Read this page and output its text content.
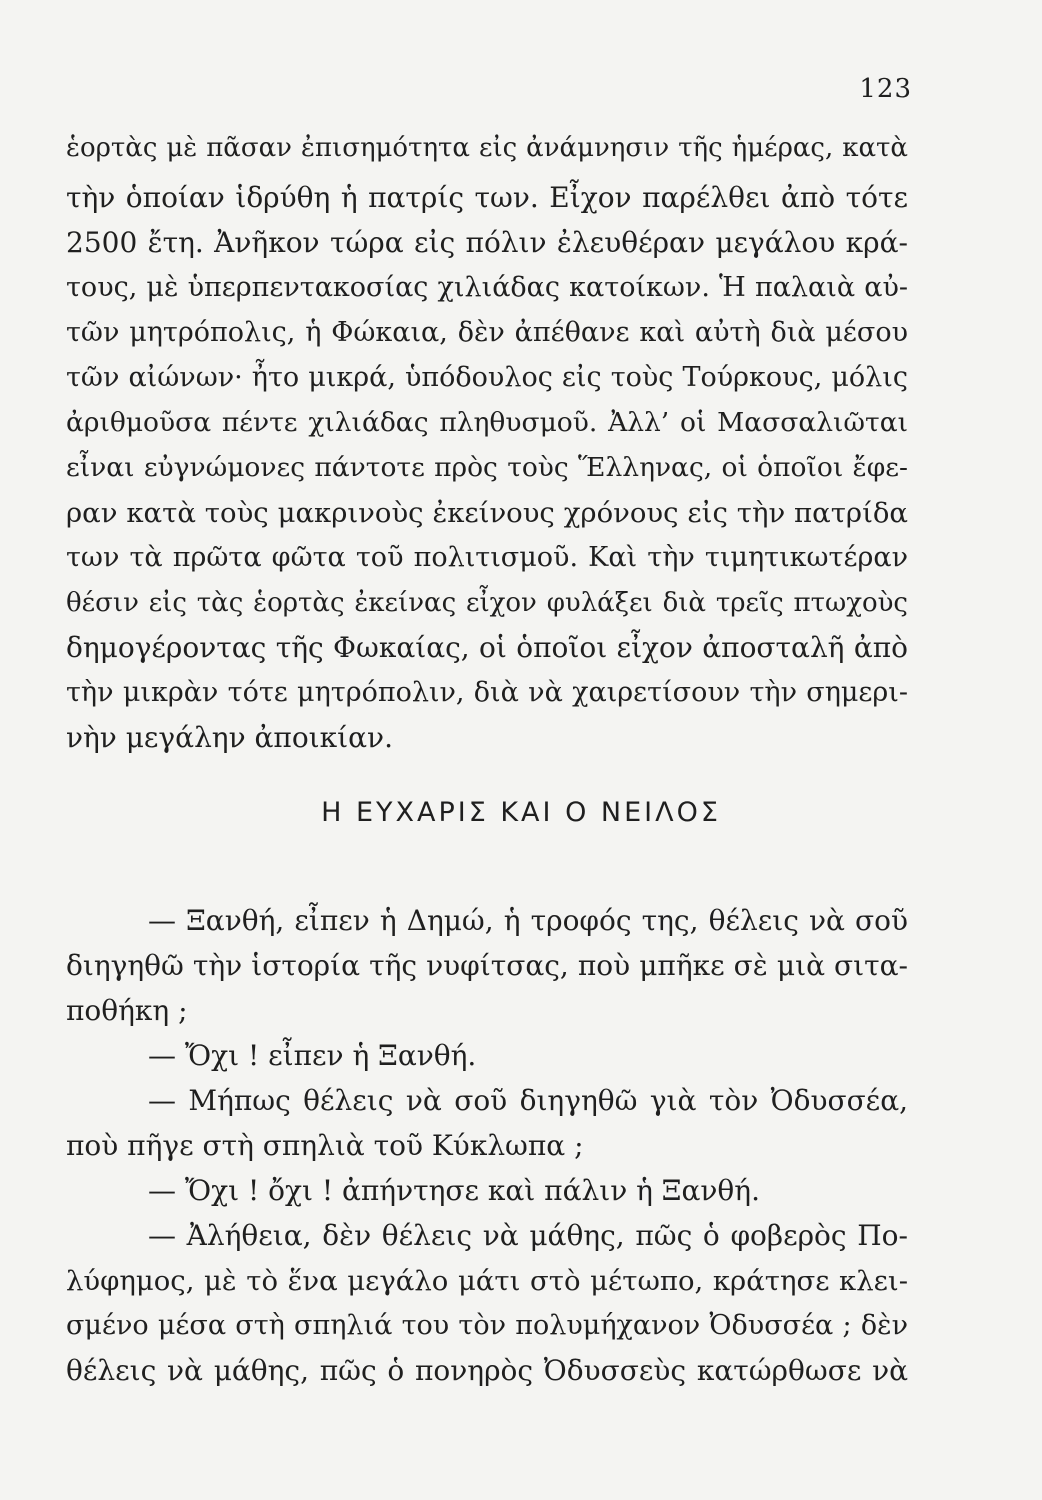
123
ἑορτὰς μὲ πᾶσαν ἐπισημότητα εἰς ἀνάμνησιν τῆς ἡμέρας, κατὰ
τὴν ὁποίαν ἱδρύθη ἡ πατρίς των. Εἶχον παρέλθει ἀπὸ τότε
2500 ἔτη. Ἀνῆκον τώρα εἰς πόλιν ἐλευθέραν μεγάλου κρά-
τους, μὲ ὑπερπεντακοσίας χιλιάδας κατοίκων. Ἡ παλαιὰ αὐ-
τῶν μητρόπολις, ἡ Φώκαια, δὲν ἀπέθανε καὶ αὐτὴ διὰ μέσου
τῶν αἰώνων· ἦτο μικρά, ὑπόδουλος εἰς τοὺς Τούρκους, μόλις
ἀριθμοῦσα πέντε χιλιάδας πληθυσμοῦ. Ἀλλ’ οἱ Μασσαλιῶται
εἶναι εὐγνώμονες πάντοτε πρὸς τοὺς Ἕλληνας, οἱ ὁποῖοι ἔφε-
ραν κατὰ τοὺς μακρινοὺς ἐκείνους χρόνους εἰς τὴν πατρίδα
των τὰ πρῶτα φῶτα τοῦ πολιτισμοῦ. Καὶ τὴν τιμητικωτέραν
θέσιν εἰς τὰς ἑορτὰς ἐκείνας εἶχον φυλάξει διὰ τρεῖς πτωχοὺς
δημογέροντας τῆς Φωκαίας, οἱ ὁποῖοι εἶχον ἀποσταλῆ ἀπὸ
τὴν μικρὰν τότε μητρόπολιν, διὰ νὰ χαιρετίσουν τὴν σημερι-
νὴν μεγάλην ἀποικίαν.
Η ΕΥΧΑΡΙΣ ΚΑΙ Ο ΝΕΙΛΟΣ
— Ξανθή, εἶπεν ἡ Δημώ, ἡ τροφός της, θέλεις νὰ σοῦ
διηγηθῶ τὴν ἱστορία τῆς νυφίτσας, ποὺ μπῆκε σὲ μιὰ σιτα-
ποθήκη ;
— Ὄχι ! εἶπεν ἡ Ξανθή.
— Μήπως θέλεις νὰ σοῦ διηγηθῶ γιὰ τὸν Ὀδυσσέα,
ποὺ πῆγε στὴ σπηλιὰ τοῦ Κύκλωπα ;
— Ὄχι ! ὄχι ! ἀπήντησε καὶ πάλιν ἡ Ξανθή.
— Ἀλήθεια, δὲν θέλεις νὰ μάθης, πῶς ὁ φοβερὸς Πο-
λύφημος, μὲ τὸ ἕνα μεγάλο μάτι στὸ μέτωπο, κράτησε κλει-
σμένο μέσα στὴ σπηλιά του τὸν πολυμήχανον Ὀδυσσέα ; δὲν
θέλεις νὰ μάθης, πῶς ὁ πονηρὸς Ὀδυσσεὺς κατώρθωσε νὰ
